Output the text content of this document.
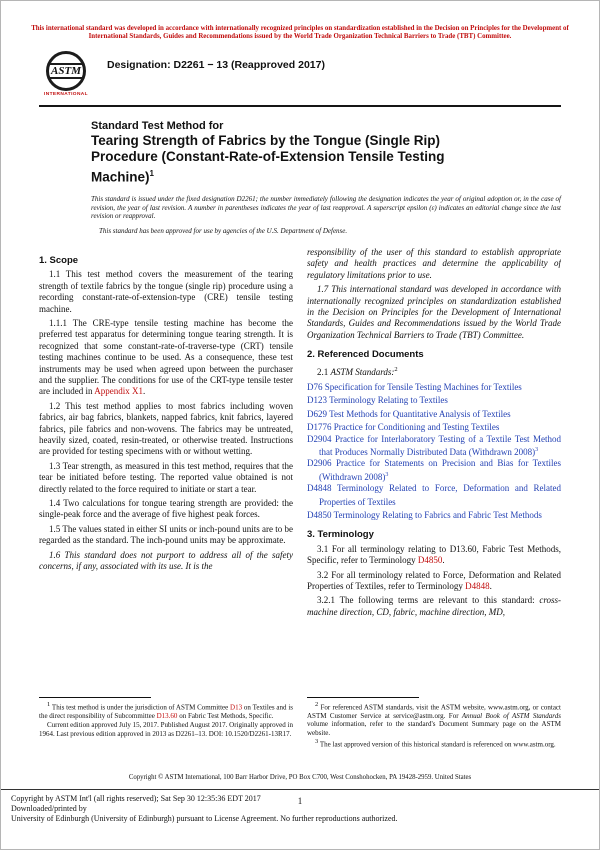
This international standard was developed in accordance with internationally recognized principles on standardization established in the Decision on Principles for the Development of International Standards, Guides and Recommendations issued by the World Trade Organization Technical Barriers to Trade (TBT) Committee.
ASTM
INTERNATIONAL
Designation: D2261 − 13 (Reapproved 2017)
Standard Test Method for
Tearing Strength of Fabrics by the Tongue (Single Rip)
Procedure (Constant-Rate-of-Extension Tensile Testing
Machine)$^1$
This standard is issued under the fixed designation D2261; the number immediately following the designation indicates the year of original adoption or, in the case of revision, the year of last revision. A number in parentheses indicates the year of last reapproval. A superscript epsilon (ε) indicates an editorial change since the last revision or reapproval.
This standard has been approved for use by agencies of the U.S. Department of Defense.
1. Scope

1.1 This test method covers the measurement of the tearing strength of textile fabrics by the tongue (single rip) procedure using a recording constant-rate-of-extension-type (CRE) tensile testing machine.

1.1.1 The CRE-type tensile testing machine has become the preferred test apparatus for determining tongue tearing strength. It is recognized that some constant-rate-of-traverse-type (CRT) tensile testing machines continue to be used. As a consequence, these test instruments may be used when agreed upon between the purchaser and the supplier. The conditions for use of the CRT-type tensile tester are included in Appendix X1.

1.2 This test method applies to most fabrics including woven fabrics, air bag fabrics, blankets, napped fabrics, knit fabrics, layered fabrics, pile fabrics and non-wovens. The fabrics may be untreated, heavily sized, coated, resin-treated, or otherwise treated. Instructions are provided for testing specimens with or without wetting.

1.3 Tear strength, as measured in this test method, requires that the tear be initiated before testing. The reported value obtained is not directly related to the force required to initiate or start a tear.

1.4 Two calculations for tongue tearing strength are provided: the single-peak force and the average of five highest peak forces.

1.5 The values stated in either SI units or inch-pound units are to be regarded as the standard. The inch-pound units may be approximate.

1.6 This standard does not purport to address all of the safety concerns, if any, associated with its use. It is the

responsibility of the user of this standard to establish appropriate safety and health practices and determine the applicability of regulatory limitations prior to use.

1.7 This international standard was developed in accordance with internationally recognized principles on standardization established in the Decision on Principles for the Development of International Standards, Guides and Recommendations issued by the World Trade Organization Technical Barriers to Trade (TBT) Committee.

2. Referenced Documents

2.1 ASTM Standards:$^2$

D76 Specification for Tensile Testing Machines for Textiles

D123 Terminology Relating to Textiles

D629 Test Methods for Quantitative Analysis of Textiles

D1776 Practice for Conditioning and Testing Textiles

D2904 Practice for Interlaboratory Testing of a Textile Test Method that Produces Normally Distributed Data (Withdrawn 2008)$^3$

D2906 Practice for Statements on Precision and Bias for Textiles (Withdrawn 2008)$^3$

D4848 Terminology Related to Force, Deformation and Related Properties of Textiles

D4850 Terminology Relating to Fabrics and Fabric Test Methods

3. Terminology

3.1 For all terminology relating to D13.60, Fabric Test Methods, Specific, refer to Terminology D4850.

3.2 For all terminology related to Force, Deformation and Related Properties of Textiles, refer to Terminology D4848.

3.2.1 The following terms are relevant to this standard: cross-machine direction, CD, fabric, machine direction, MD,

$^1$ This test method is under the jurisdiction of ASTM Committee D13 on Textiles and is the direct responsibility of Subcommittee D13.60 on Fabric Test Methods, Specific.

Current edition approved July 15, 2017. Published August 2017. Originally approved in 1964. Last previous edition approved in 2013 as D2261–13. DOI: 10.1520/D2261-13R17.

$^2$ For referenced ASTM standards, visit the ASTM website, www.astm.org, or contact ASTM Customer Service at service@astm.org. For Annual Book of ASTM Standards volume information, refer to the standard's Document Summary page on the ASTM website.

$^3$ The last approved version of this historical standard is referenced on www.astm.org.

Copyright © ASTM International, 100 Barr Harbor Drive, PO Box C700, West Conshohocken, PA 19428-2959. United States
Copyright by ASTM Int'l (all rights reserved); Sat Sep 30 12:35:36 EDT 2017
Downloaded/printed by
University of Edinburgh (University of Edinburgh) pursuant to License Agreement. No further reproductions authorized.
1
